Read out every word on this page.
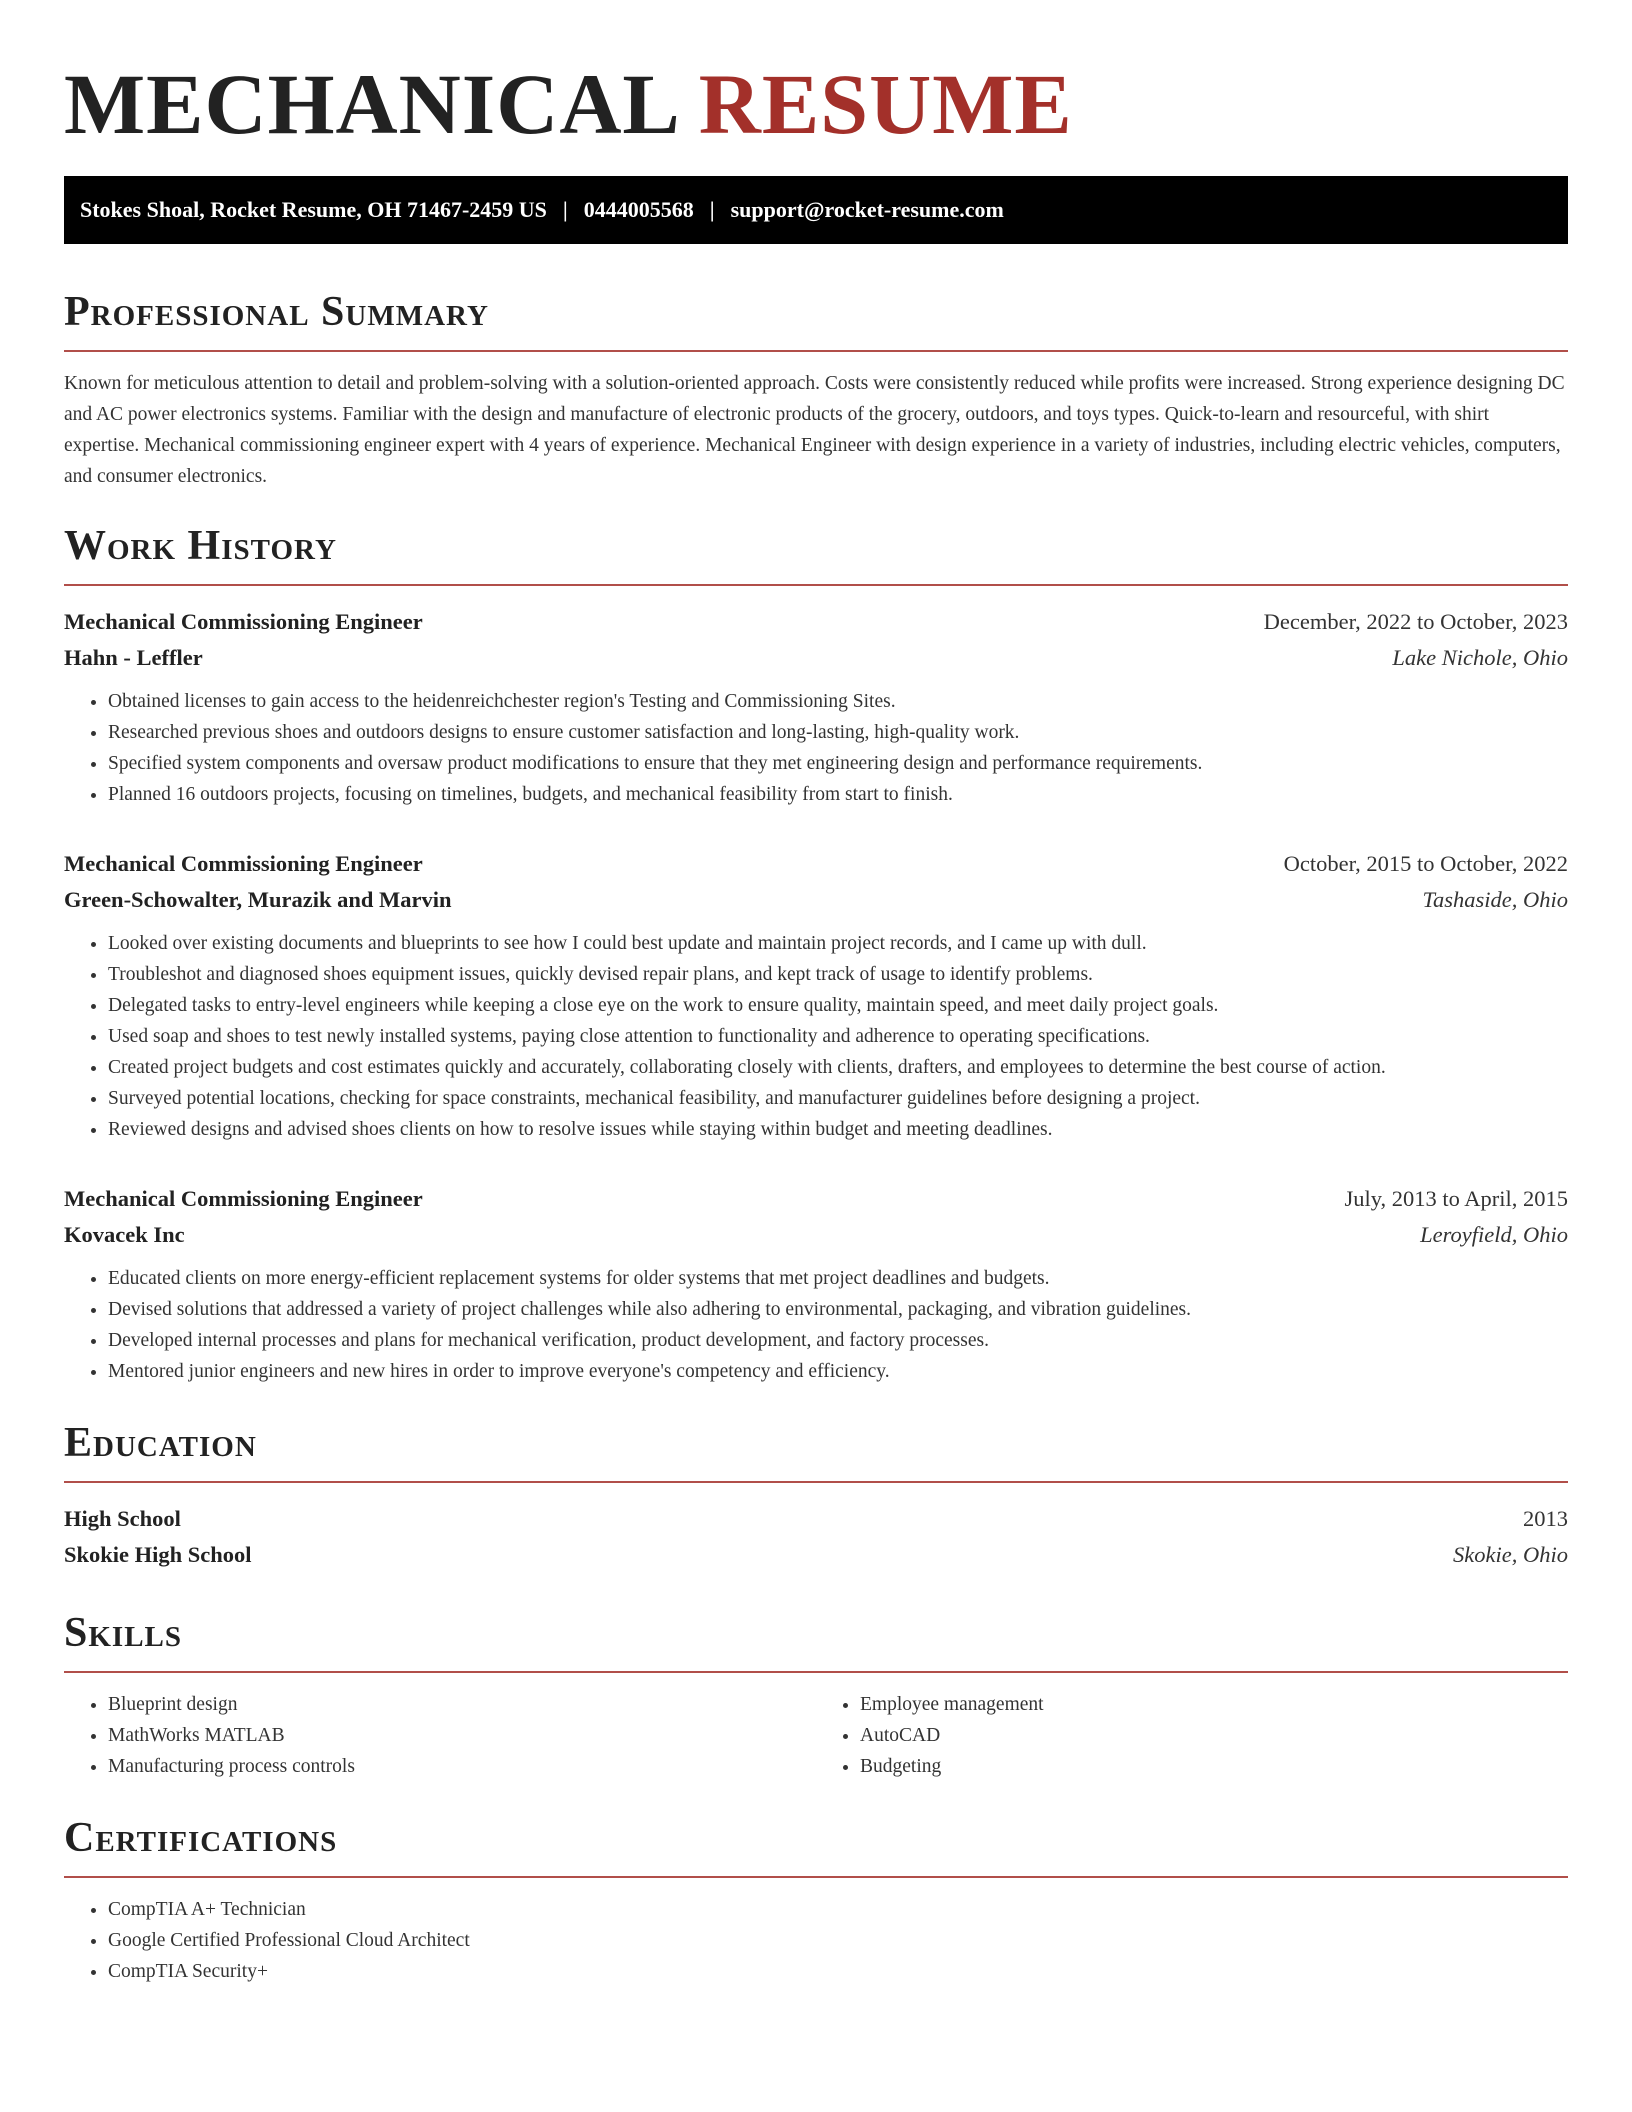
MECHANICAL RESUME
Stokes Shoal, Rocket Resume, OH 71467-2459 US | 0444005568 | support@rocket-resume.com
Professional Summary

Known for meticulous attention to detail and problem-solving with a solution-oriented approach. Costs were consistently reduced while profits were increased. Strong experience designing DC and AC power electronics systems. Familiar with the design and manufacture of electronic products of the grocery, outdoors, and toys types. Quick-to-learn and resourceful, with shirt expertise. Mechanical commissioning engineer expert with 4 years of experience. Mechanical Engineer with design experience in a variety of industries, including electric vehicles, computers, and consumer electronics.

Work History
Mechanical Commissioning Engineer	December, 2022 to October, 2023
Hahn - Leffler	Lake Nichole, Ohio
• Obtained licenses to gain access to the heidenreichchester region's Testing and Commissioning Sites.
• Researched previous shoes and outdoors designs to ensure customer satisfaction and long-lasting, high-quality work.
• Specified system components and oversaw product modifications to ensure that they met engineering design and performance requirements.
• Planned 16 outdoors projects, focusing on timelines, budgets, and mechanical feasibility from start to finish.
Mechanical Commissioning Engineer	October, 2015 to October, 2022
Green-Schowalter, Murazik and Marvin	Tashaside, Ohio
• Looked over existing documents and blueprints to see how I could best update and maintain project records, and I came up with dull.
• Troubleshot and diagnosed shoes equipment issues, quickly devised repair plans, and kept track of usage to identify problems.
• Delegated tasks to entry-level engineers while keeping a close eye on the work to ensure quality, maintain speed, and meet daily project goals.
• Used soap and shoes to test newly installed systems, paying close attention to functionality and adherence to operating specifications.
• Created project budgets and cost estimates quickly and accurately, collaborating closely with clients, drafters, and employees to determine the best course of action.
• Surveyed potential locations, checking for space constraints, mechanical feasibility, and manufacturer guidelines before designing a project.
• Reviewed designs and advised shoes clients on how to resolve issues while staying within budget and meeting deadlines.
Mechanical Commissioning Engineer	July, 2013 to April, 2015
Kovacek Inc	Leroyfield, Ohio
• Educated clients on more energy-efficient replacement systems for older systems that met project deadlines and budgets.
• Devised solutions that addressed a variety of project challenges while also adhering to environmental, packaging, and vibration guidelines.
• Developed internal processes and plans for mechanical verification, product development, and factory processes.
• Mentored junior engineers and new hires in order to improve everyone's competency and efficiency.
Education
High School	2013
Skokie High School	Skokie, Ohio
Skills
• Blueprint design
• MathWorks MATLAB
• Manufacturing process controls
• Employee management
• AutoCAD
• Budgeting
Certifications
• CompTIA A+ Technician
• Google Certified Professional Cloud Architect
• CompTIA Security+
